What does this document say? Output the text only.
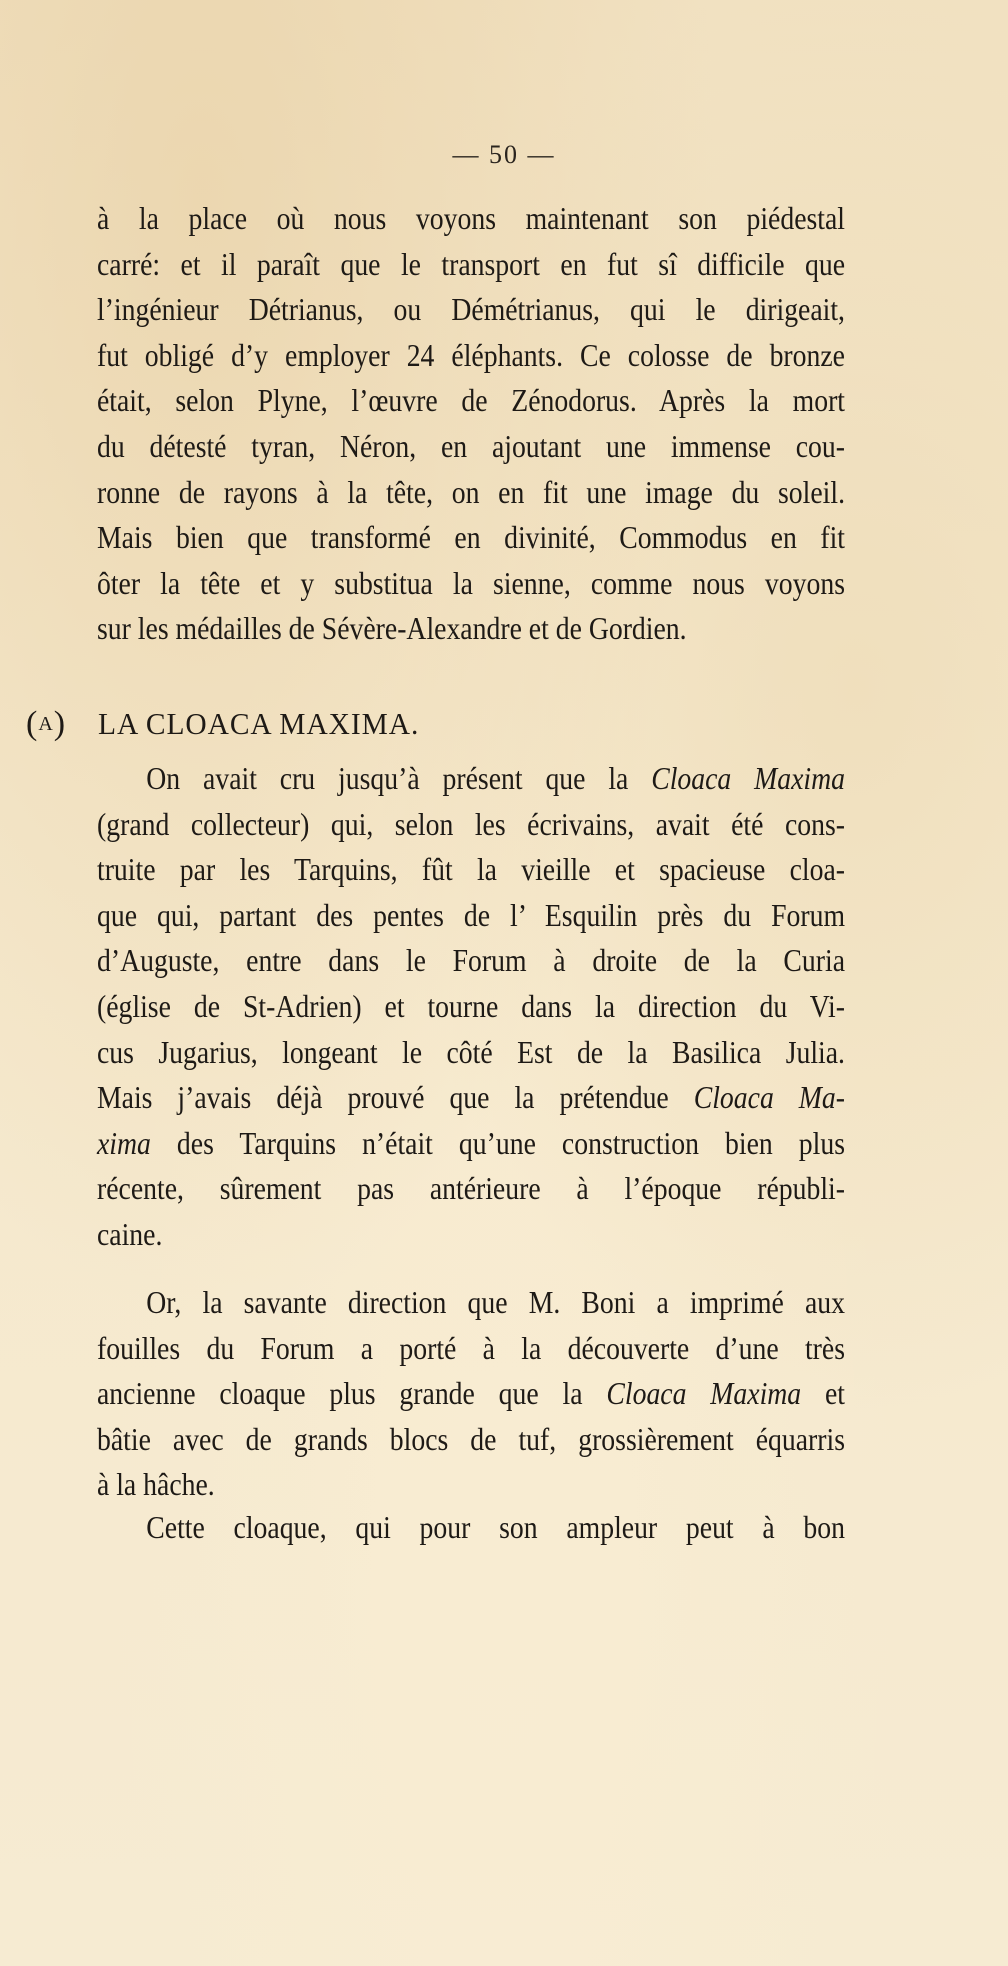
— 50 —
à la place où nous voyons maintenant son piédestal
carré: et il paraît que le transport en fut sî difficile que
l’ingénieur Détrianus, ou Démétrianus, qui le dirigeait,
fut obligé d’y employer 24 éléphants. Ce colosse de bronze
était, selon Plyne, l’œuvre de Zénodorus. Après la mort
du détesté tyran, Néron, en ajoutant une immense cou-
ronne de rayons à la tête, on en fit une image du soleil.
Mais bien que transformé en divinité, Commodus en fit
ôter la tête et y substitua la sienne, comme nous voyons
sur les médailles de Sévère-Alexandre et de Gordien.
(A) LA CLOACA MAXIMA.
On avait cru jusqu’à présent que la Cloaca Maxima
(grand collecteur) qui, selon les écrivains, avait été cons-
truite par les Tarquins, fût la vieille et spacieuse cloa-
que qui, partant des pentes de l’ Esquilin près du Forum
d’Auguste, entre dans le Forum à droite de la Curia
(église de St-Adrien) et tourne dans la direction du Vi-
cus Jugarius, longeant le côté Est de la Basilica Julia.
Mais j’avais déjà prouvé que la prétendue Cloaca Ma-
xima des Tarquins n’était qu’une construction bien plus
récente, sûrement pas antérieure à l’époque républi-
caine.
Or, la savante direction que M. Boni a imprimé aux
fouilles du Forum a porté à la découverte d’une très
ancienne cloaque plus grande que la Cloaca Maxima et
bâtie avec de grands blocs de tuf, grossièrement équarris
à la hâche.
Cette cloaque, qui pour son ampleur peut à bon
